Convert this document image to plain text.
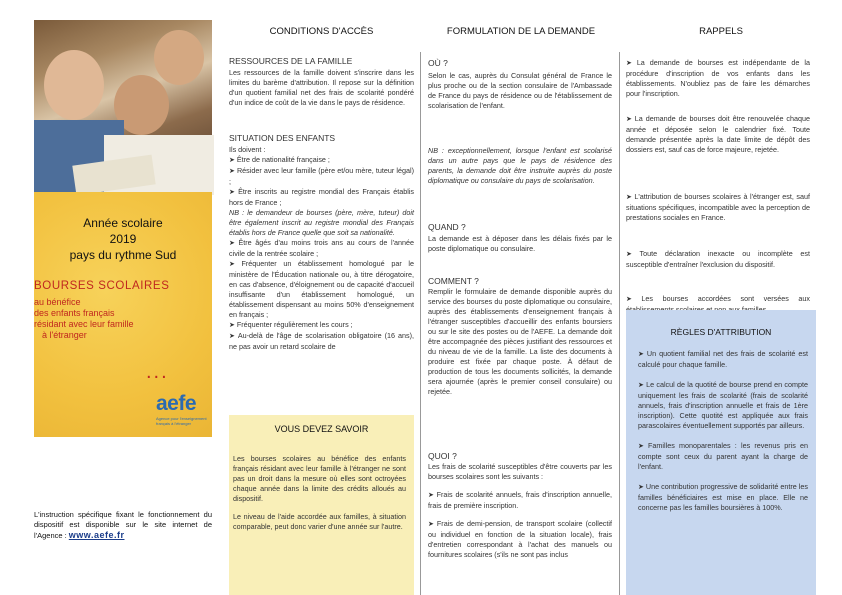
Année scolaire
2019
pays du rythme Sud
BOURSES SCOLAIRES
au bénéfice
des enfants français
résidant avec leur famille
à l'étranger
...
aefe
Agence pour l'enseignement français à l'étranger
L'instruction spécifique fixant le fonctionnement du dispositif est disponible sur le site internet de l'Agence : www.aefe.fr
CONDITIONS D'ACCÈS
RESSOURCES DE LA FAMILLE
Les ressources de la famille doivent s'inscrire dans les limites du barème d'attribution. Il repose sur la définition d'un quotient familial net des frais de scolarité pondéré d'un indice de coût de la vie dans le pays de résidence.
SITUATION DES ENFANTS
Ils doivent :
➤ Être de nationalité française ;
➤ Résider avec leur famille (père et/ou mère, tuteur légal) ;
➤ Être inscrits au registre mondial des Français établis hors de France ;
NB : le demandeur de bourses (père, mère, tuteur) doit être également inscrit au registre mondial des Français établis hors de France quelle que soit sa nationalité.
➤ Être âgés d'au moins trois ans au cours de l'année civile de la rentrée scolaire ;
➤ Fréquenter un établissement homologué par le ministère de l'Éducation nationale ou, à titre dérogatoire, en cas d'absence, d'éloignement ou de capacité d'accueil insuffisante d'un établissement homologué, un établissement dispensant au moins 50% d'enseignement en français ;
➤ Fréquenter régulièrement les cours ;
➤ Au-delà de l'âge de scolarisation obligatoire (16 ans), ne pas avoir un retard scolaire de
VOUS DEVEZ SAVOIR
Les bourses scolaires au bénéfice des enfants français résidant avec leur famille à l'étranger ne sont pas un droit dans la mesure où elles sont octroyées chaque année dans la limite des crédits alloués au dispositif.
Le niveau de l'aide accordée aux familles, à situation comparable, peut donc varier d'une année sur l'autre.
FORMULATION DE LA DEMANDE
OÙ ?
Selon le cas, auprès du Consulat général de France le plus proche ou de la section consulaire de l'Ambassade de France du pays de résidence ou de l'établissement de scolarisation de l'enfant.
NB : exceptionnellement, lorsque l'enfant est scolarisé dans un autre pays que le pays de résidence des parents, la demande doit être instruite auprès du poste diplomatique ou consulaire du pays de scolarisation.
QUAND ?
La demande est à déposer dans les délais fixés par le poste diplomatique ou consulaire.
COMMENT ?
Remplir le formulaire de demande disponible auprès du service des bourses du poste diplomatique ou consulaire, auprès des établissements d'enseignement français à l'étranger susceptibles d'accueillir des enfants boursiers ou sur le site des postes ou de l'AEFE. La demande doit être accompagnée des pièces justifiant des ressources et du niveau de vie de la famille. La liste des documents à produire est fixée par chaque poste. À défaut de production de tous les documents sollicités, la demande sera ajournée (après le premier conseil consulaire) ou rejetée.
QUOI ?
Les frais de scolarité susceptibles d'être couverts par les bourses scolaires sont les suivants :
➤ Frais de scolarité annuels, frais d'inscription annuelle, frais de première inscription.
➤ Frais de demi-pension, de transport scolaire (collectif ou individuel en fonction de la situation locale), frais d'entretien correspondant à l'achat des manuels ou fournitures scolaires (s'ils ne sont pas inclus
RAPPELS
➤ La demande de bourses est indépendante de la procédure d'inscription de vos enfants dans les établissements. N'oubliez pas de faire les démarches pour l'inscription.
➤ La demande de bourses doit être renouvelée chaque année et déposée selon le calendrier fixé. Toute demande présentée après la date limite de dépôt des dossiers est, sauf cas de force majeure, rejetée.
➤ L'attribution de bourses scolaires à l'étranger est, sauf situations spécifiques, incompatible avec la perception de prestations sociales en France.
➤ Toute déclaration inexacte ou incomplète est susceptible d'entraîner l'exclusion du dispositif.
➤ Les bourses accordées sont versées aux
RÈGLES D'ATTRIBUTION
➤ Un quotient familial net des frais de scolarité est calculé pour chaque famille.
➤ Le calcul de la quotité de bourse prend en compte uniquement les frais de scolarité (frais de scolarité annuels, frais d'inscription annuelle et frais de 1ère inscription). Cette quotité est appliquée aux frais parascolaires éventuellement supportés par ailleurs.
➤ Familles monoparentales : les revenus pris en compte sont ceux du parent ayant la charge de l'enfant.
➤ Une contribution progressive de solidarité entre les familles bénéficiaires est mise en place. Elle ne concerne pas les familles boursières à 100%.
